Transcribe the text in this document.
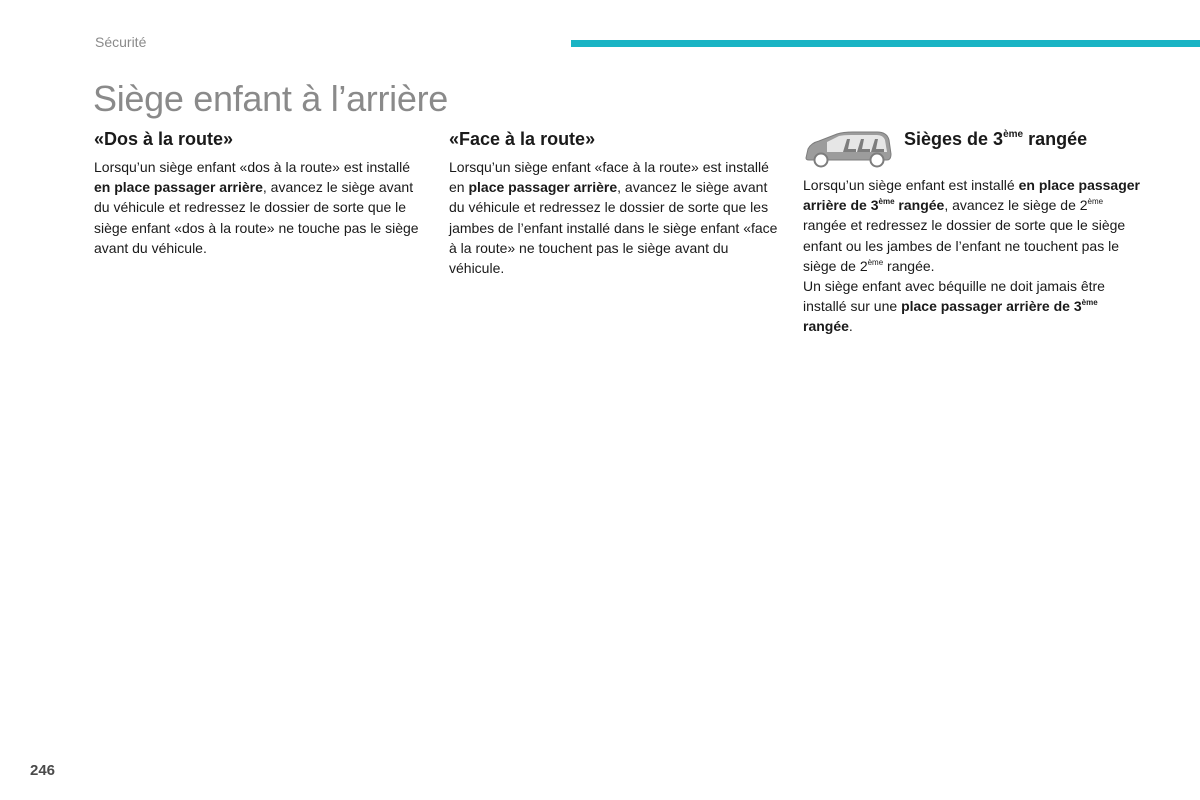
Sécurité
Siège enfant à l’arrière
«Dos à la route»

Lorsqu’un siège enfant «dos à la route» est installé en place passager arrière, avancez le siège avant du véhicule et redressez le dossier de sorte que le siège enfant «dos à la route» ne touche pas le siège avant du véhicule.

«Face à la route»

Lorsqu’un siège enfant «face à la route» est installé en place passager arrière, avancez le siège avant du véhicule et redressez le dossier de sorte que les jambes de l’enfant installé dans le siège enfant «face à la route» ne touchent pas le siège avant du véhicule.

Sièges de 3ème rangée

Lorsqu’un siège enfant est installé en place passager arrière de 3ème rangée, avancez le siège de 2ème rangée et redressez le dossier de sorte que le siège enfant ou les jambes de l’enfant ne touchent pas le siège de 2ème rangée.
Un siège enfant avec béquille ne doit jamais être installé sur une place passager arrière de 3ème rangée.

246
